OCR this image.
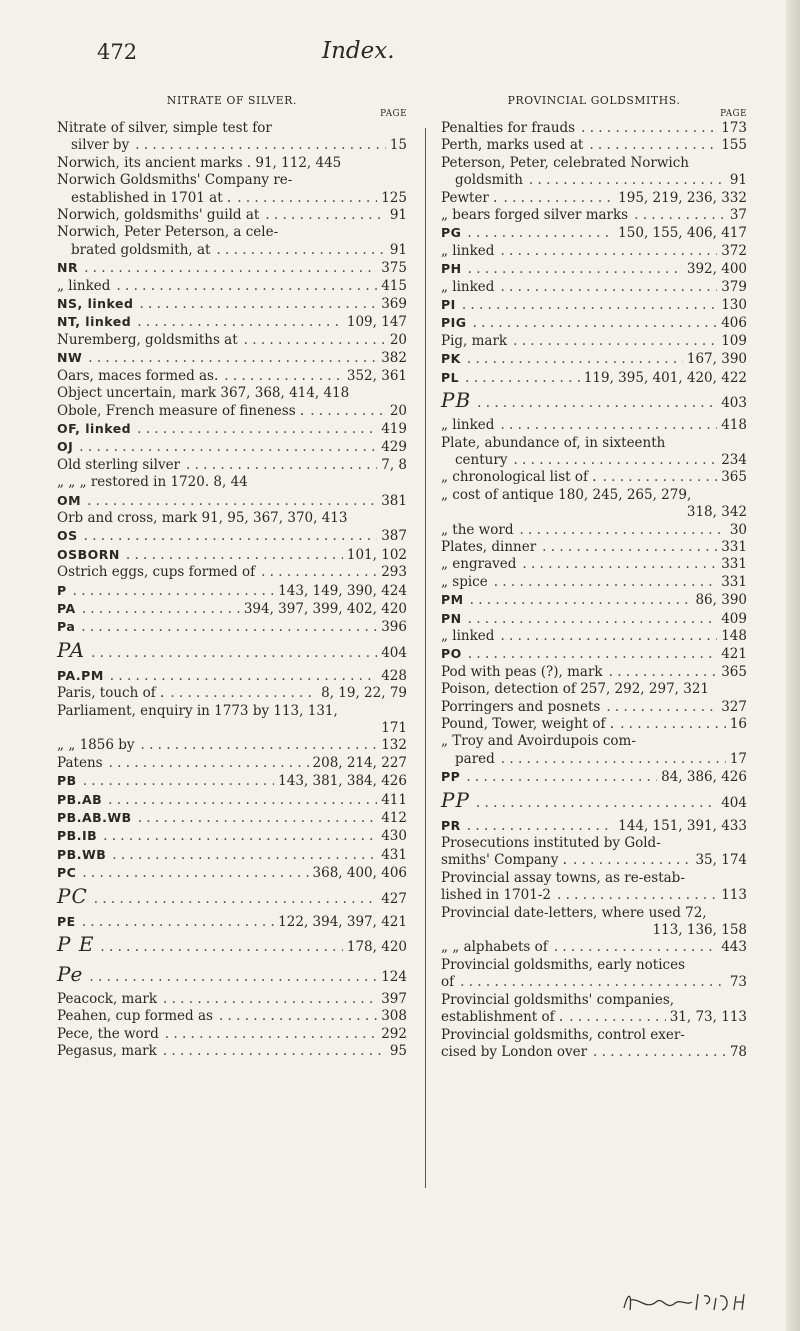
472	Index.
NITRATE OF SILVER.
PAGE
Nitrate of silver, simple test for
silver by . . .	15
Norwich, its ancient marks . 91, 112, 445
Norwich Goldsmiths' Company re-
established in 1701 at . . . .	125
Norwich, goldsmiths' guild at . . .	91
Norwich, Peter Peterson, a cele-
brated goldsmith, at . . .	91
NR . . .	375
„ linked . . .	415
NS, linked . . .	369
NT, linked . . .	109, 147
Nuremberg, goldsmiths at . . .	20
NW . . .	382
Oars, maces formed as. . . .	352, 361
Object uncertain, mark 367, 368, 414, 418
Obole, French measure of fineness . . . .	20
OF, linked . . .	419
OJ . . .	429
Old sterling silver . . .	7, 8
„ „ „ restored in 1720. 8, 44
OM . . .	381
Orb and cross, mark 91, 95, 367, 370, 413
OS . . .	387
OSBORN . . .	101, 102
Ostrich eggs, cups formed of . . .	293
P . . .	143, 149, 390, 424
PA . . .	394, 397, 399, 402, 420
Pa . . .	396
PA . . .	404
PA.PM . . .	428
Paris, touch of . . . .	8, 19, 22, 79
Parliament, enquiry in 1773 by 113, 131,
171
„ „ 1856 by . . .	132
Patens . . .	208, 214, 227
PB . . .	143, 381, 384, 426
PB.AB . . .	411
PB.AB.WB . . .	412
PB.IB . . .	430
PB.WB . . .	431
PC . . .	368, 400, 406
PC . . .	427
PE . . .	122, 394, 397, 421
P E . . .	178, 420
Pe . . .	124
Peacock, mark . . .	397
Peahen, cup formed as . . .	308
Pece, the word . . .	292
Pegasus, mark . . .	95
PROVINCIAL GOLDSMITHS.
PAGE
Penalties for frauds . . .	173
Perth, marks used at . . .	155
Peterson, Peter, celebrated Norwich
goldsmith . . .	91
Pewter . . . .	195, 219, 236, 332
„ bears forged silver marks . . .	37
PG . . .	150, 155, 406, 417
„ linked . . .	372
PH . . .	392, 400
„ linked . . .	379
PI . . .	130
PIG . . .	406
Pig, mark . . .	109
PK . . .	167, 390
PL . . .	119, 395, 401, 420, 422
PB . . .	403
„ linked . . .	418
Plate, abundance of, in sixteenth
century . . .	234
„ chronological list of . . . .	365
„ cost of antique 180, 245, 265, 279,
318, 342
„ the word . . .	30
Plates, dinner . . .	331
„ engraved . . .	331
„ spice . . .	331
PM . . .	86, 390
PN . . .	409
„ linked . . .	148
PO . . .	421
Pod with peas (?), mark . . .	365
Poison, detection of 257, 292, 297, 321
Porringers and posnets . . .	327
Pound, Tower, weight of . . . .	16
„ Troy and Avoirdupois com-
pared . . .	17
PP . . .	84, 386, 426
PP . . .	404
PR . . .	144, 151, 391, 433
Prosecutions instituted by Gold-
smiths' Company . . . .	35, 174
Provincial assay towns, as re-estab-
lished in 1701-2 . . .	113
Provincial date-letters, where used 72,
113, 136, 158
„ „ alphabets of . . .	443
Provincial goldsmiths, early notices
of . . .	73
Provincial goldsmiths' companies,
establishment of . . . .	31, 73, 113
Provincial goldsmiths, control exer-
cised by London over . . .	78
